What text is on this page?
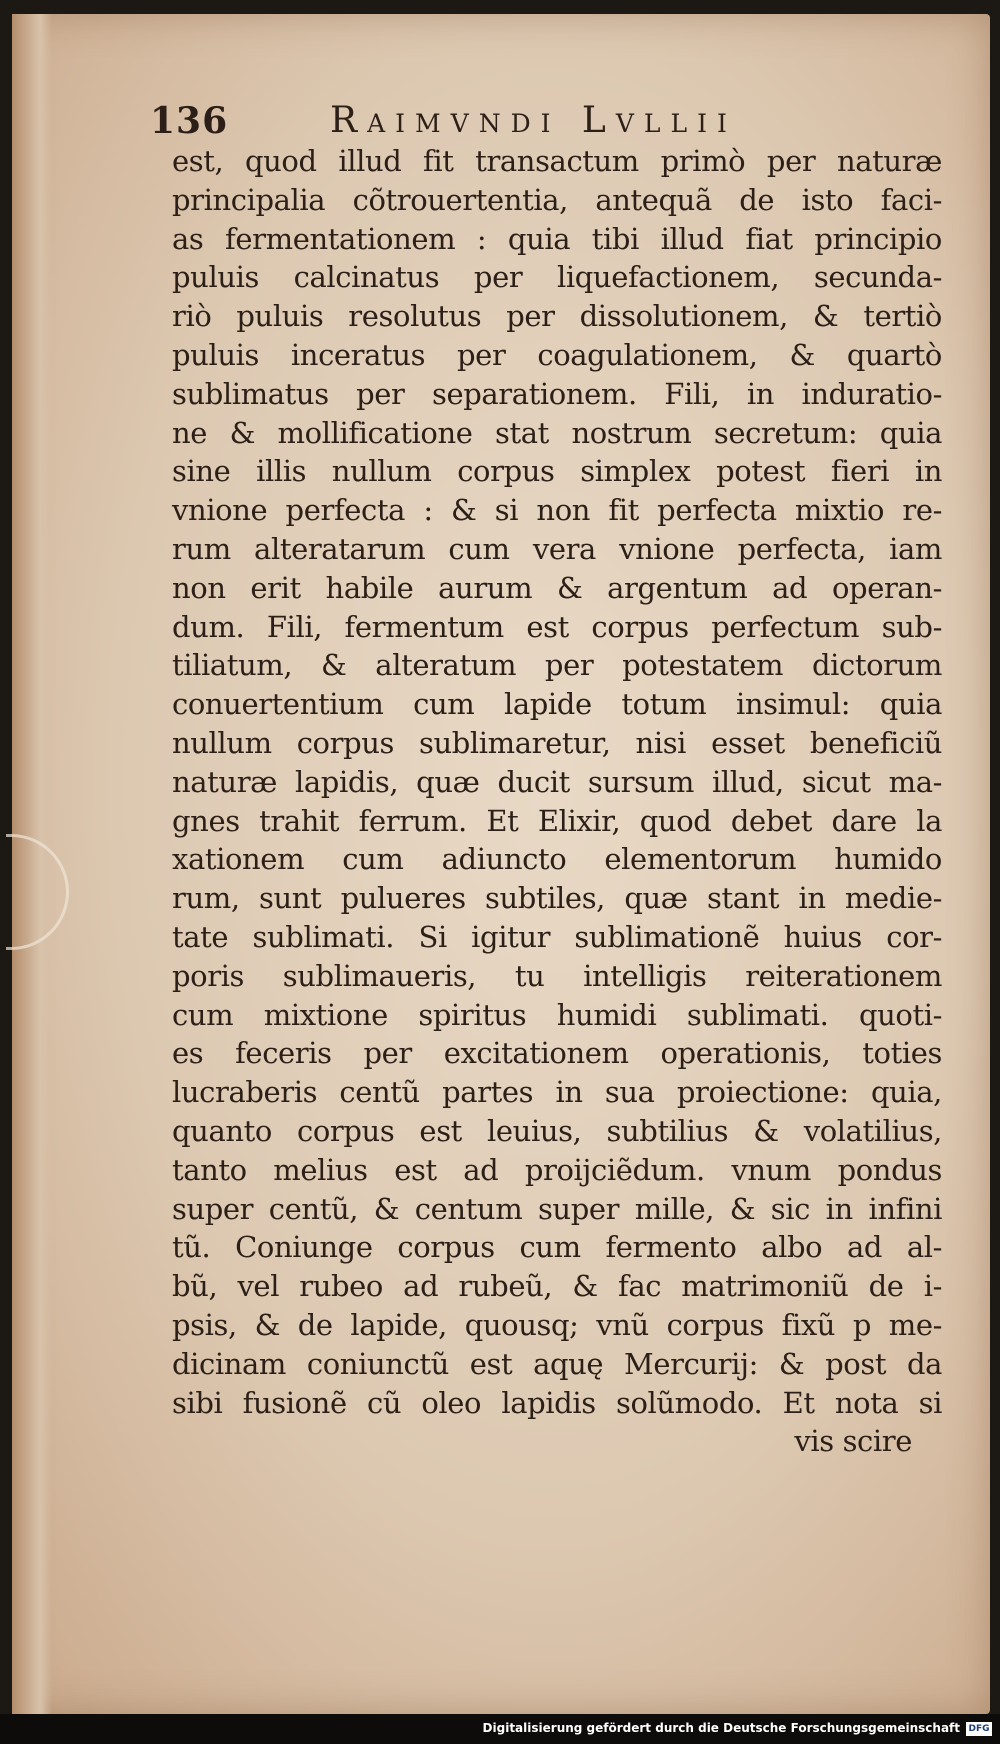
136	Raimvndi Lvllii
est, quod illud fit transactum primò per naturæ
principalia cõtrouertentia, antequã de isto faci-
as fermentationem : quia tibi illud fiat principio
puluis calcinatus per liquefactionem, secunda-
riò puluis resolutus per dissolutionem, & tertiò
puluis inceratus per coagulationem, & quartò
sublimatus per separationem. Fili, in induratio-
ne & mollificatione stat nostrum secretum: quia
sine illis nullum corpus simplex potest fieri in
vnione perfecta : & si non fit perfecta mixtio re-
rum alteratarum cum vera vnione perfecta, iam
non erit habile aurum & argentum ad operan-
dum. Fili, fermentum est corpus perfectum sub-
tiliatum, & alteratum per potestatem dictorum
conuertentium cum lapide totum insimul: quia
nullum corpus sublimaretur, nisi esset beneficiũ
naturæ lapidis, quæ ducit sursum illud, sicut ma-
gnes trahit ferrum. Et Elixir, quod debet dare la
xationem cum adiuncto elementorum humido
rum, sunt pulueres subtiles, quæ stant in medie-
tate sublimati. Si igitur sublimationẽ huius cor-
poris sublimaueris, tu intelligis reiterationem
cum mixtione spiritus humidi sublimati. quoti-
es feceris per excitationem operationis, toties
lucraberis centũ partes in sua proiectione: quia,
quanto corpus est leuius, subtilius & volatilius,
tanto melius est ad proijciẽdum. vnum pondus
super centũ, & centum super mille, & sic in infini
tũ. Coniunge corpus cum fermento albo ad al-
bũ, vel rubeo ad rubeũ, & fac matrimoniũ de i-
psis, & de lapide, quousq; vnũ corpus fixũ p me-
dicinam coniunctũ est aquę Mercurij: & post da
sibi fusionẽ cũ oleo lapidis solũmodo. Et nota si
vis scire
Digitalisierung gefördert durch die Deutsche Forschungsgemeinschaft DFG
